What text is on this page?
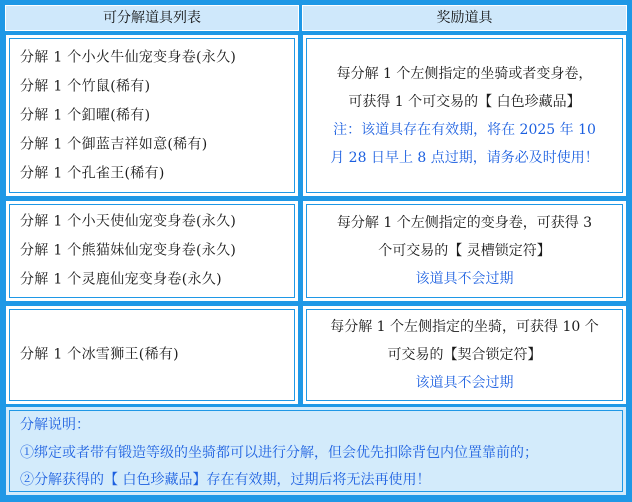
可分解道具列表	奖励道具
分解 1 个小火牛仙宠变身卷(永久)
分解 1 个竹鼠(稀有)
分解 1 个釦曜(稀有)
分解 1 个御蓝吉祥如意(稀有)
分解 1 个孔雀王(稀有)

每分解 1 个左侧指定的坐骑或者变身卷，

可获得 1 个可交易的【 白色珍藏品】

注：该道具存在有效期，将在 2025 年 10

月 28 日早上 8 点过期，请务必及时使用！

分解 1 个小天使仙宠变身卷(永久)
分解 1 个熊猫妹仙宠变身卷(永久)
分解 1 个灵鹿仙宠变身卷(永久)

每分解 1 个左侧指定的变身卷，可获得 3

个可交易的【 灵槽锁定符】

该道具不会过期

分解 1 个冰雪狮王(稀有)

每分解 1 个左侧指定的坐骑，可获得 10 个

可交易的【契合锁定符】

该道具不会过期

分解说明：

①绑定或者带有锻造等级的坐骑都可以进行分解，但会优先扣除背包内位置靠前的；

②分解获得的【 白色珍藏品】存在有效期，过期后将无法再使用！
